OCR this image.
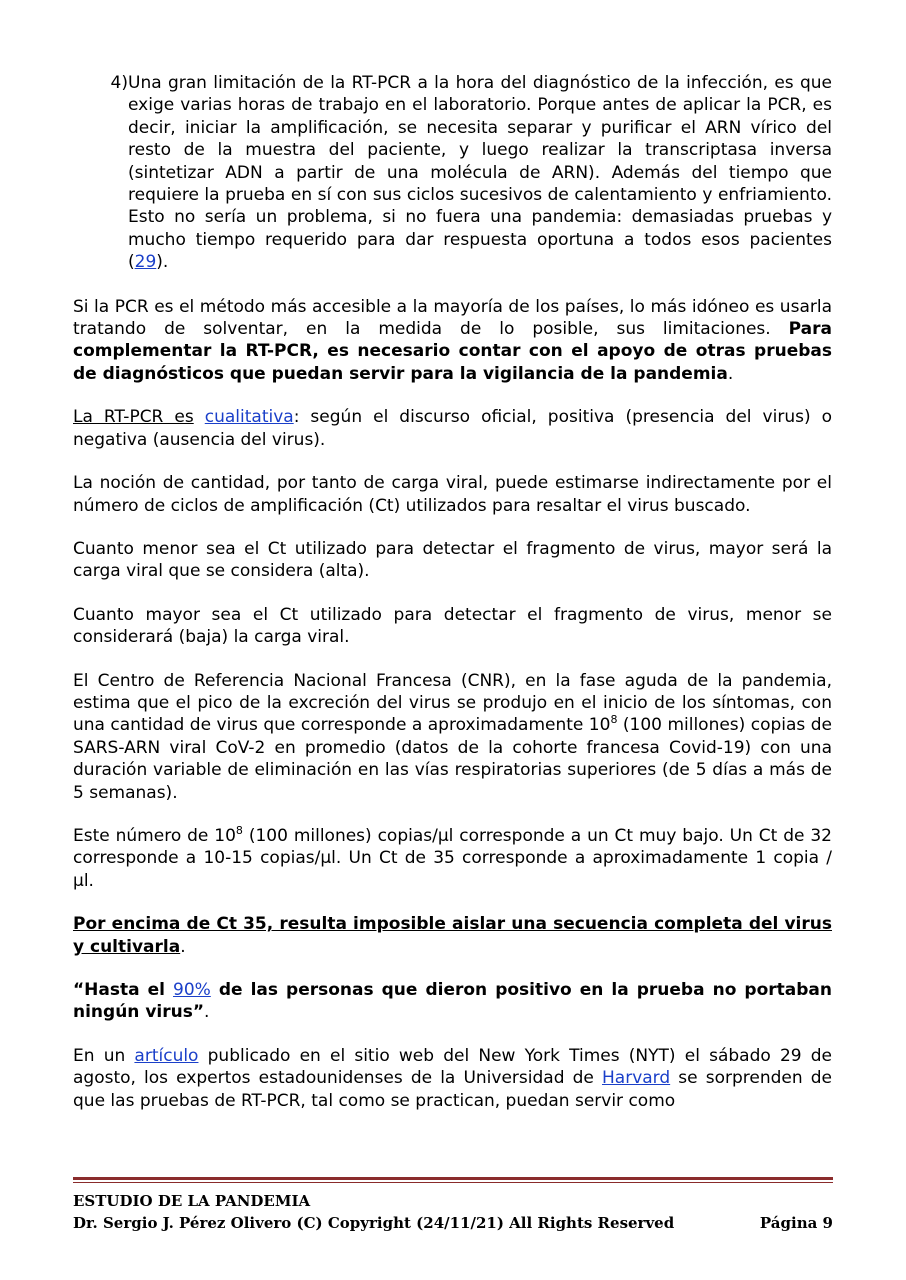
4) Una gran limitación de la RT-PCR a la hora del diagnóstico de la infección, es que exige varias horas de trabajo en el laboratorio. Porque antes de aplicar la PCR, es decir, iniciar la amplificación, se necesita separar y purificar el ARN vírico del resto de la muestra del paciente, y luego realizar la transcriptasa inversa (sintetizar ADN a partir de una molécula de ARN). Además del tiempo que requiere la prueba en sí con sus ciclos sucesivos de calentamiento y enfriamiento. Esto no sería un problema, si no fuera una pandemia: demasiadas pruebas y mucho tiempo requerido para dar respuesta oportuna a todos esos pacientes (29).

Si la PCR es el método más accesible a la mayoría de los países, lo más idóneo es usarla tratando de solventar, en la medida de lo posible, sus limitaciones. Para complementar la RT-PCR, es necesario contar con el apoyo de otras pruebas de diagnósticos que puedan servir para la vigilancia de la pandemia.

La RT-PCR es cualitativa: según el discurso oficial, positiva (presencia del virus) o negativa (ausencia del virus).

La noción de cantidad, por tanto de carga viral, puede estimarse indirectamente por el número de ciclos de amplificación (Ct) utilizados para resaltar el virus buscado.

Cuanto menor sea el Ct utilizado para detectar el fragmento de virus, mayor será la carga viral que se considera (alta).

Cuanto mayor sea el Ct utilizado para detectar el fragmento de virus, menor se considerará (baja) la carga viral.

El Centro de Referencia Nacional Francesa (CNR), en la fase aguda de la pandemia, estima que el pico de la excreción del virus se produjo en el inicio de los síntomas, con una cantidad de virus que corresponde a aproximadamente $10^8$ (100 millones) copias de SARS-ARN viral CoV-2 en promedio (datos de la cohorte francesa Covid-19) con una duración variable de eliminación en las vías respiratorias superiores (de 5 días a más de 5 semanas).

Este número de $10^8$ (100 millones) copias/µl corresponde a un Ct muy bajo. Un Ct de 32 corresponde a 10-15 copias/µl. Un Ct de 35 corresponde a aproximadamente 1 copia / µl.

Por encima de Ct 35, resulta imposible aislar una secuencia completa del virus y cultivarla.

“Hasta el 90% de las personas que dieron positivo en la prueba no portaban ningún virus”.

En un artículo publicado en el sitio web del New York Times (NYT) el sábado 29 de agosto, los expertos estadounidenses de la Universidad de Harvard se sorprenden de que las pruebas de RT-PCR, tal como se practican, puedan servir como

ESTUDIO DE LA PANDEMIA
Dr. Sergio J. Pérez Olivero (C) Copyright (24/11/21) All Rights Reserved	Página 9
